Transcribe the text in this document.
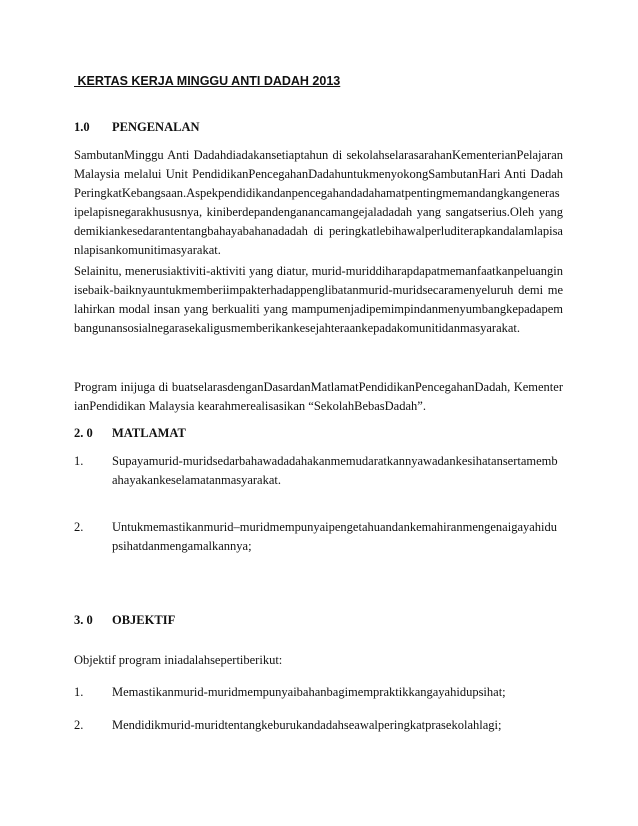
KERTAS KERJA MINGGU ANTI DADAH 2013
1.0 PENGENALAN
SambutanMinggu Anti Dadahdiadakansetiaptahun di sekolahselarasarahanKementerianPelajaran Malaysia melalui Unit PendidikanPencegahanDadahuntukmenyokongSambutanHari Anti DadahPeringkatKebangsaan.Aspekpendidikandanpencegahandadahamatpentingmemandangkangenerasipelapisnegarakhususnya, kiniberdepandenganancamangejaladadah yang sangatserius.Oleh yang demikiankesedarantentangbahayabahanadadah di peringkatlebihawalperluditerapkandalamlapisanlapisankomunitimasyarakat.
Selainitu, menerusiaktiviti-aktiviti yang diatur, murid-muriddiharapdapatmemanfaatkanpeluanginisebaik-baiknyauntukmemberiimpakterhadappenglibatanmurid-muridsecaramenyeluruh demi melahirkan modal insan yang berkualiti yang mampumenjadipemimpindanmenyumbangkepadapembangunansosialnegarasekaligusmemberikankesejahteraankepadakomunitidanmasyarakat.
Program inijuga di buatselarasdenganDasardanMatlamatPendidikanPencegahanDadah, KementerianPendidikan Malaysia kearahmerealisasikan “SekolahBebasDadah”.
2. 0 MATLAMAT
1. Supayamurid-muridsedarbahawadadahakanmemudaratkannyawadankesihatansertamembahayakankeselamatanmasyarakat.
2. Untukmemastikanmurid–muridmempunyaipengetahuandankemahiranmengenaigayahidupsihatdanmengamalkannya;
3. 0 OBJEKTIF
Objektif program iniadalahsepertiberikut:
1. Memastikanmurid-muridmempunyaibahanbagimempraktikkangayahidupsihat;
2. Mendidikmurid-muridtentangkeburukandadahseawalperingkatprasekolahlagi;
